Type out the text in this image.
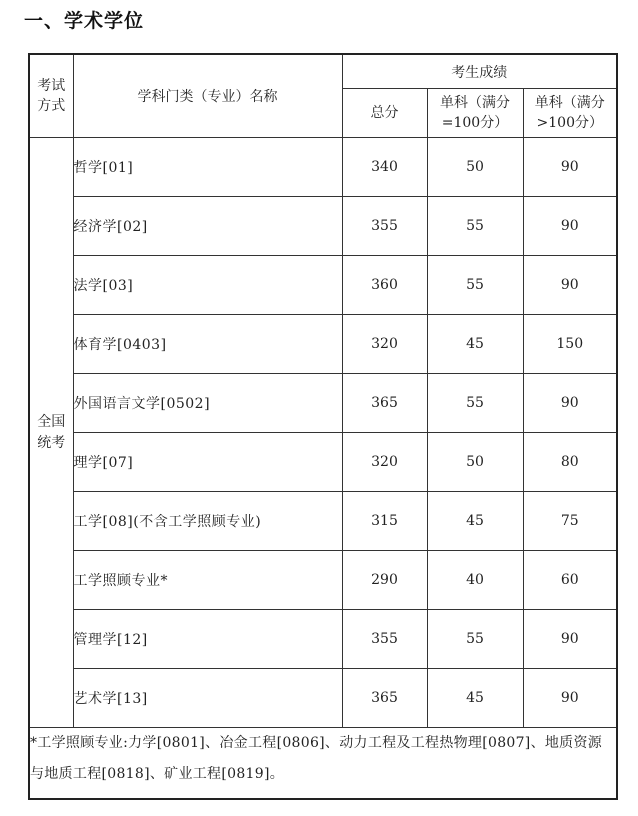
一、学术学位
考试方式	学科门类（专业）名称	考生成绩		
		总分	单科（满分=100分）	单科（满分>100分）

全国统考	哲学[01]	340	50	90
	经济学[02]	355	55	90
	法学[03]	360	55	90
	体育学[0403]	320	45	150
	外国语言文学[0502]	365	55	90
	理学[07]	320	50	80
	工学[08](不含工学照顾专业)	315	45	75
	工学照顾专业*	290	40	60
	管理学[12]	355	55	90
	艺术学[13]	365	45	90
*工学照顾专业:力学[0801]、冶金工程[0806]、动力工程及工程热物理[0807]、地质资源与地质工程[0818]、矿业工程[0819]。				
